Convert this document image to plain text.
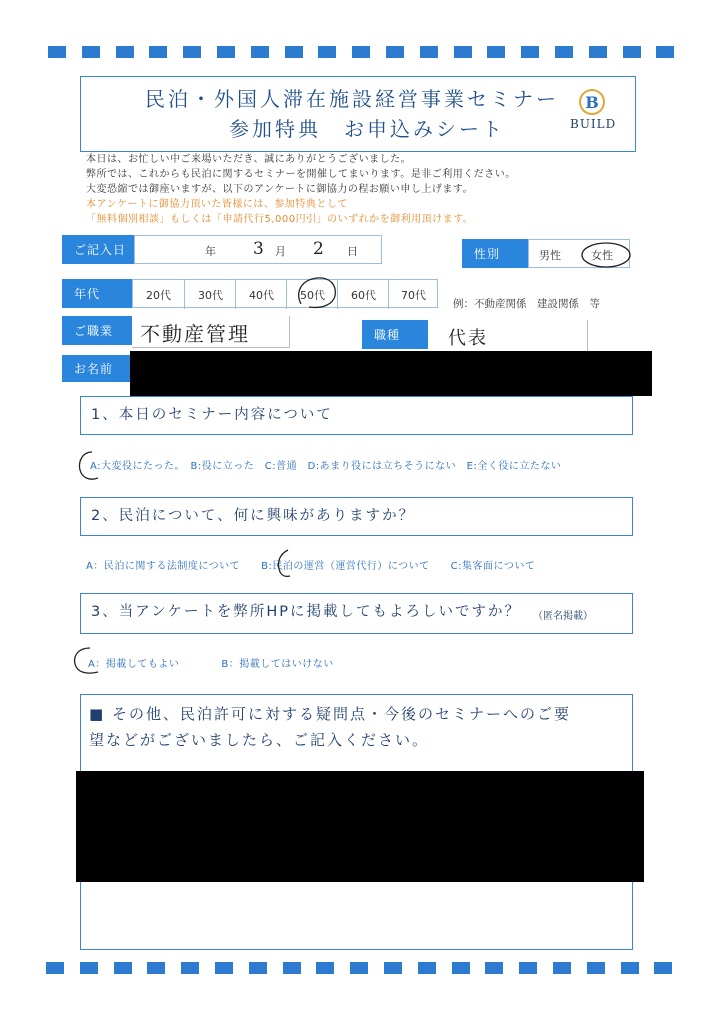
民泊・外国人滞在施設経営事業セミナー
参加特典　お申込みシート
B
BUILD
本日は、お忙しい中ご来場いただき、誠にありがとうございました。
弊所では、これからも民泊に関するセミナーを開催してまいります。是非ご利用ください。
大変恐縮では御座いますが、以下のアンケートに御協力の程お願い申し上げます。
本アンケートに御協力頂いた皆様には、参加特典として
「無料個別相談」もしくは「申請代行5,000円引」のいずれかを御利用頂けます。
ご記入日	年 3 月 2 日	性別	男性	女性
年代	20代	30代	40代	50代	60代	70代
例：不動産関係　建設関係　等
ご職業	不動産管理	職種	代表
お名前
1、本日のセミナー内容について
A:大変役にたった。　B:役に立った　C:普通　D:あまり役には立ちそうにない　E:全く役に立たない
2、民泊について、何に興味がありますか？
A：民泊に関する法制度について　　B:民泊の運営（運営代行）について　　C:集客面について
3、当アンケートを弊所HPに掲載してもよろしいですか？ （匿名掲載）
A：掲載してもよい　　　　B：掲載してはいけない
■ その他、民泊許可に対する疑問点・今後のセミナーへのご要
望などがございましたら、ご記入ください。
